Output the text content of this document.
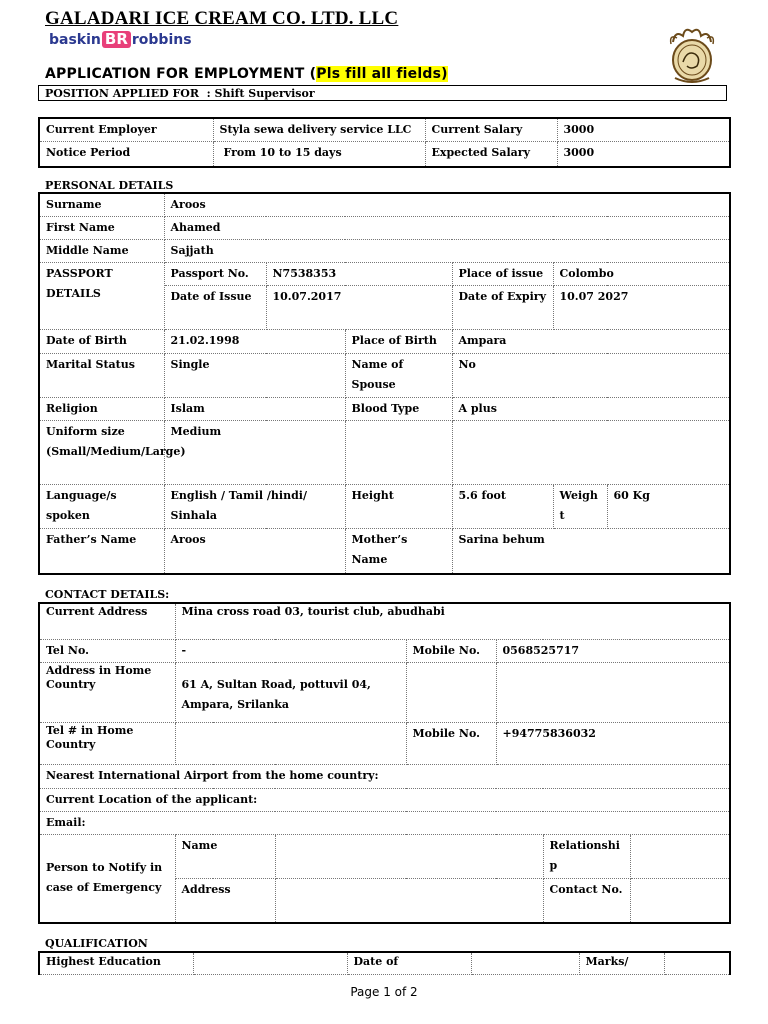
GALADARI ICE CREAM CO. LTD. LLC
baskin BR robbins
APPLICATION FOR EMPLOYMENT (Pls fill all fields)
POSITION APPLIED FOR : Shift Supervisor
Current Employer	Styla sewa delivery service LLC	Current Salary	3000
Notice Period	From 10 to 15 days	Expected Salary	3000
PERSONAL DETAILS
Surname	Aroos					
First Name	Ahamed					
Middle Name	Sajjath					
PASSPORT DETAILS	Passport No.	N7538353		Place of issue	Colombo	
	Date of Issue	10.07.2017		Date of Expiry	10.07 2027	
Date of Birth	21.02.1998		Place of Birth	Ampara		
Marital Status	Single		Name of Spouse	No		
Religion	Islam		Blood Type	A plus		
Uniform size (Small/Medium/Large)	Medium					
Language/s spoken	English / Tamil /hindi/ Sinhala		Height	5.6 foot	Weight	60 Kg
Father’s Name	Aroos		Mother’s Name	Sarina behum		
CONTACT DETAILS:
Current Address	Mina cross road 03, tourist club, abudhabi					
Tel No.	-		Mobile No.	0568525717		
Address in Home Country	61 A, Sultan Road, pottuvil 04, Ampara, Srilanka					
Tel # in Home Country			Mobile No.	+94775836032		
Nearest International Airport from the home country:						
Current Location of the applicant:						
Email:						
Person to Notify in case of Emergency	Name				Relationship	
	Address				Contact No.	
QUALIFICATION
Highest Education		Date of		Marks/	
Page 1 of 2
